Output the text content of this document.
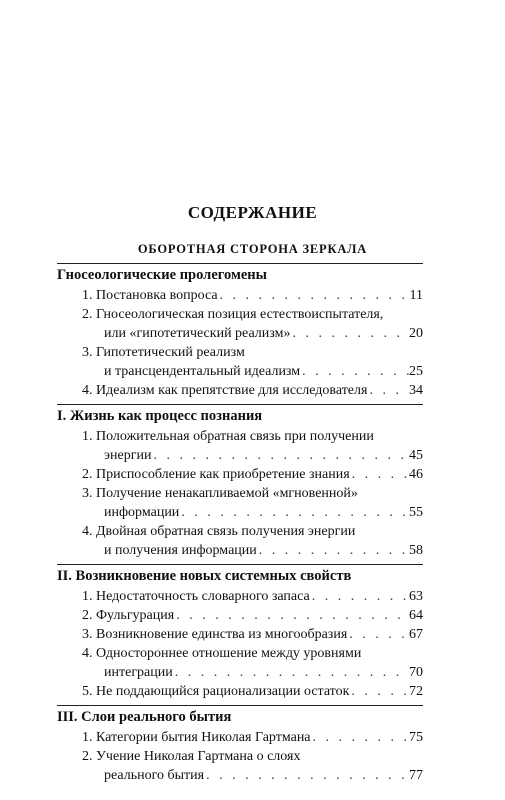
СОДЕРЖАНИЕ
ОБОРОТНАЯ СТОРОНА ЗЕРКАЛА
Гносеологические пролегомены
1. Постановка вопроса . . .	11
2. Гносеологическая позиция естествоиспытателя,
или «гипотетический реализм» . . .	20
3. Гипотетический реализм
и трансцендентальный идеализм . . .	25
4. Идеализм как препятствие для исследователя . . .	34
I. Жизнь как процесс познания
1. Положительная обратная связь при получении
энергии . . .	45
2. Приспособление как приобретение знания . . .	46
3. Получение ненакапливаемой «мгновенной»
информации . . .	55
4. Двойная обратная связь получения энергии
и получения информации . . .	58
II. Возникновение новых системных свойств
1. Недостаточность словарного запаса . . .	63
2. Фульгурация . . .	64
3. Возникновение единства из многообразия . . .	67
4. Одностороннее отношение между уровнями
интеграции . . .	70
5. Не поддающийся рационализации остаток . . .	72
III. Слои реального бытия
1. Категории бытия Николая Гартмана . . .	75
2. Учение Николая Гартмана о слоях
реального бытия . . .	77
